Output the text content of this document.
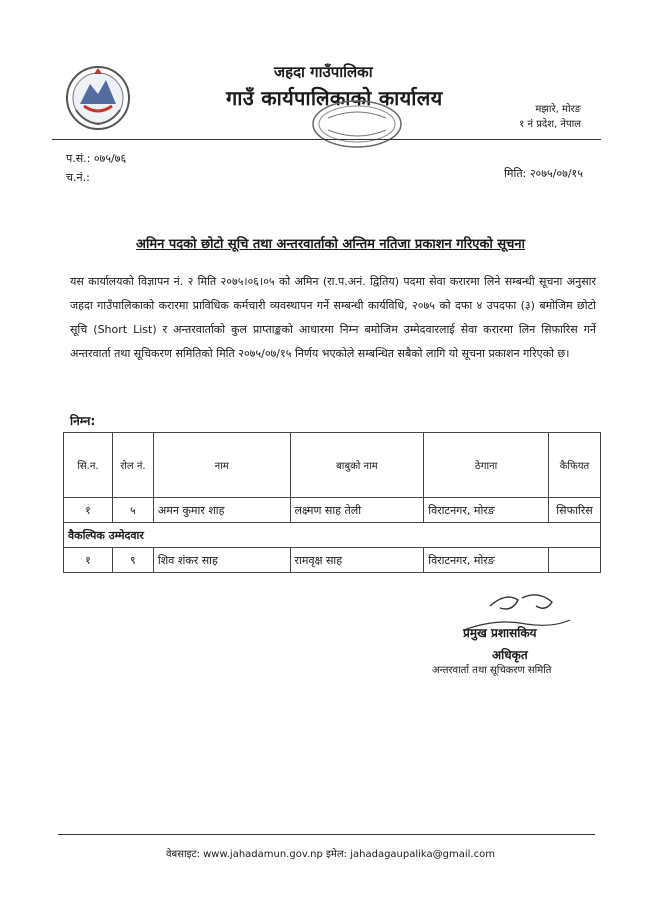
जहदा गाउँपालिका
गाउँ कार्यपालिकाको कार्यालय	मझारे, मोरङ
१ नं प्रदेश, नेपाल
प.सं.: ०७५/७६
च.नं.:	मिति: २०७५/०७/१५
अमिन पदको छोटो सूचि तथा अन्तरवार्ताको अन्तिम नतिजा प्रकाशन गरिएको सूचना
यस कार्यालयको विज्ञापन नं. २ मिति २०७५।०६।०५ को अमिन (रा.प.अनं. द्वितिय) पदमा सेवा करारमा लिने सम्बन्धी सूचना अनुसार जहदा गाउँपालिकाको करारमा प्राविधिक कर्मचारी व्यवस्थापन गर्ने सम्बन्धी कार्यविधि, २०७५ को दफा ४ उपदफा (३) बमोजिम छोटो सूचि (Short List) र अन्तरवार्ताको कुल प्राप्ताङ्कको आधारमा निम्न बमोजिम उम्मेदवारलाई सेवा करारमा लिन सिफारिस गर्ने अन्तरवार्ता तथा सूचिकरण समितिको मिति २०७५/०७/१५ निर्णय भएकोले सम्बन्धित सबैको लागि यो सूचना प्रकाशन गरिएको छ।
निम्न:
सि.न.	रोल नं.	नाम	बाबुको नाम	ठेगाना	कैफियत
१	५	अमन कुमार शाह	लक्ष्मण साह तेली	विराटनगर, मोरङ	सिफारिस
वैकल्पिक उम्मेदवार					
१	९	शिव शंकर साह	रामवृक्ष साह	विराटनगर, मोरङ	
प्रमुख प्रशासकिय
अधिकृत
अन्तरवार्ता तथा सूचिकरण समिति
वेबसाइट: www.jahadamun.gov.np इमेल: jahadagaupalika@gmail.com
